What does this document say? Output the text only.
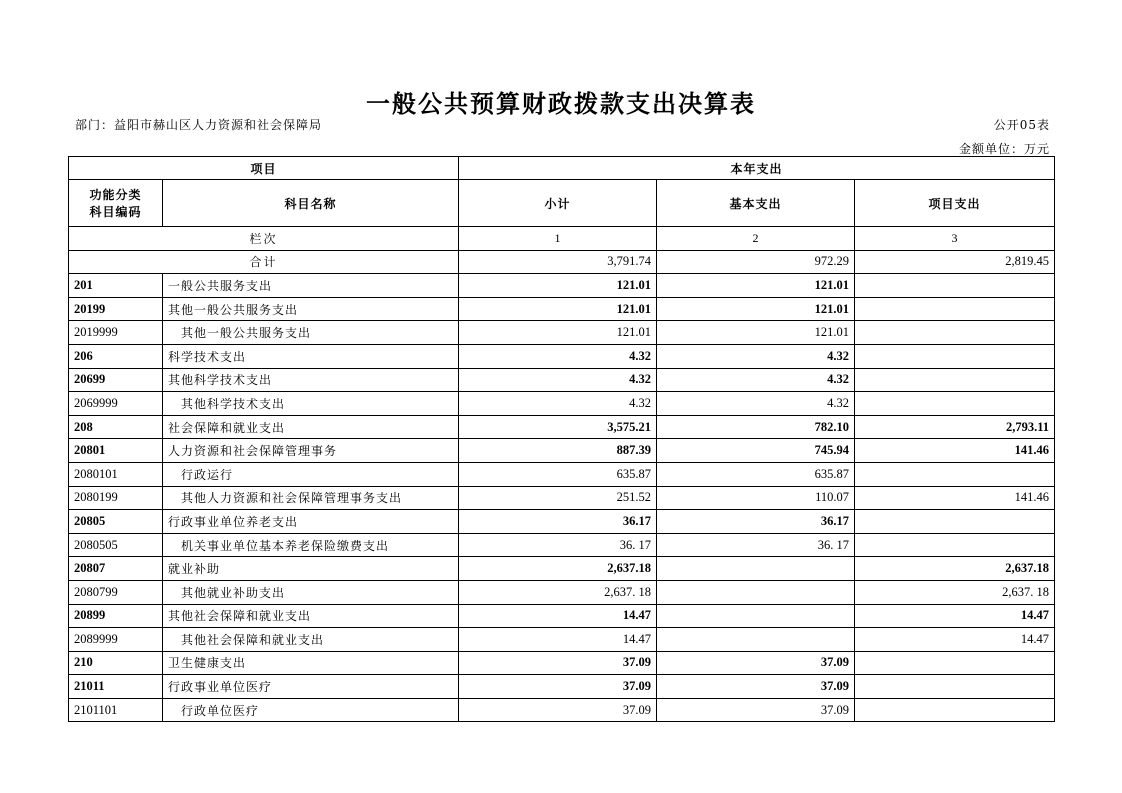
一般公共预算财政拨款支出决算表
部门：益阳市赫山区人力资源和社会保障局	公开05表
金额单位：万元
项目		本年支出		

功能分类
科目编码	科目名称	小计	基本支出	项目支出
栏次		1	2	3
合计		3,791.74	972.29	2,819.45
201	一般公共服务支出	121.01	121.01	
20199	其他一般公共服务支出	121.01	121.01	
2019999	其他一般公共服务支出	121.01	121.01	
206	科学技术支出	4.32	4.32	
20699	其他科学技术支出	4.32	4.32	
2069999	其他科学技术支出	4.32	4.32	
208	社会保障和就业支出	3,575.21	782.10	2,793.11
20801	人力资源和社会保障管理事务	887.39	745.94	141.46
2080101	行政运行	635.87	635.87	
2080199	其他人力资源和社会保障管理事务支出	251.52	110.07	141.46
20805	行政事业单位养老支出	36.17	36.17	
2080505	机关事业单位基本养老保险缴费支出	36. 17	36. 17	
20807	就业补助	2,637.18		2,637.18
2080799	其他就业补助支出	2,637. 18		2,637. 18
20899	其他社会保障和就业支出	14.47		14.47
2089999	其他社会保障和就业支出	14.47		14.47
210	卫生健康支出	37.09	37.09	
21011	行政事业单位医疗	37.09	37.09	
2101101	行政单位医疗	37.09	37.09	
